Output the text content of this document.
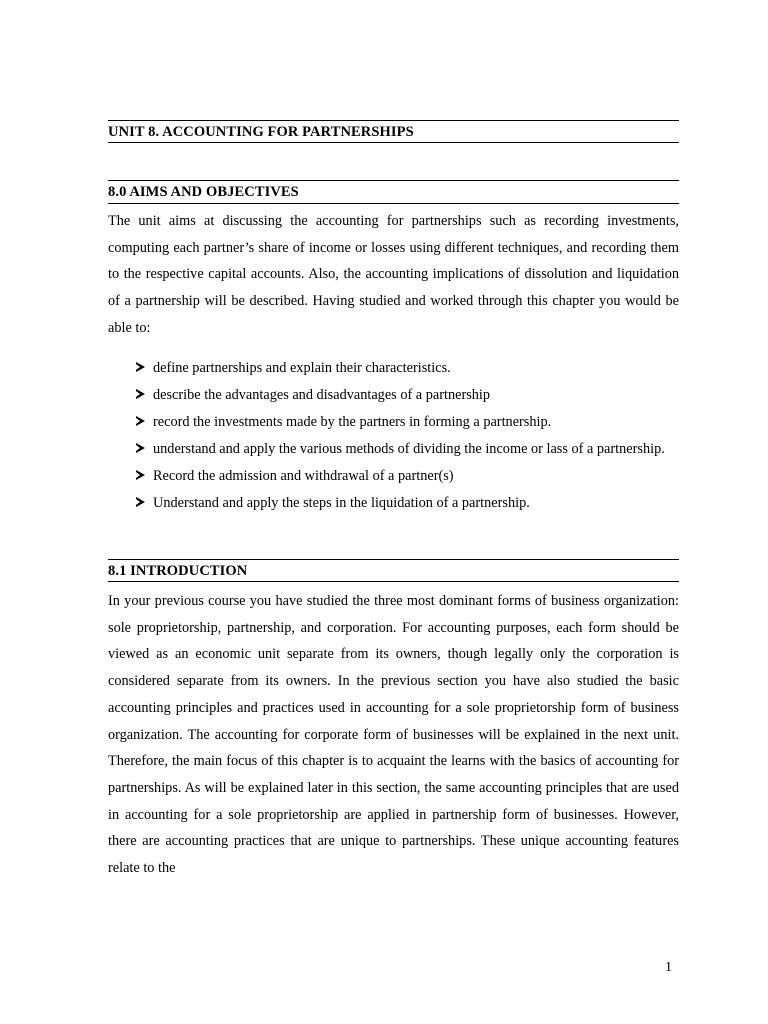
UNIT 8. ACCOUNTING FOR PARTNERSHIPS
8.0 AIMS AND OBJECTIVES

The unit aims at discussing the accounting for partnerships such as recording investments, computing each partner’s share of income or losses using different techniques, and recording them to the respective capital accounts. Also, the accounting implications of dissolution and liquidation of a partnership will be described. Having studied and worked through this chapter you would be able to:

define partnerships and explain their characteristics.
describe the advantages and disadvantages of a partnership
record the investments made by the partners in forming a partnership.
understand and apply the various methods of dividing the income or lass of a partnership.
Record the admission and withdrawal of a partner(s)
Understand and apply the steps in the liquidation of a partnership.
8.1 INTRODUCTION

In your previous course you have studied the three most dominant forms of business organization: sole proprietorship, partnership, and corporation. For accounting purposes, each form should be viewed as an economic unit separate from its owners, though legally only the corporation is considered separate from its owners. In the previous section you have also studied the basic accounting principles and practices used in accounting for a sole proprietorship form of business organization. The accounting for corporate form of businesses will be explained in the next unit. Therefore, the main focus of this chapter is to acquaint the learns with the basics of accounting for partnerships. As will be explained later in this section, the same accounting principles that are used in accounting for a sole proprietorship are applied in partnership form of businesses. However, there are accounting practices that are unique to partnerships. These unique accounting features relate to the

1
